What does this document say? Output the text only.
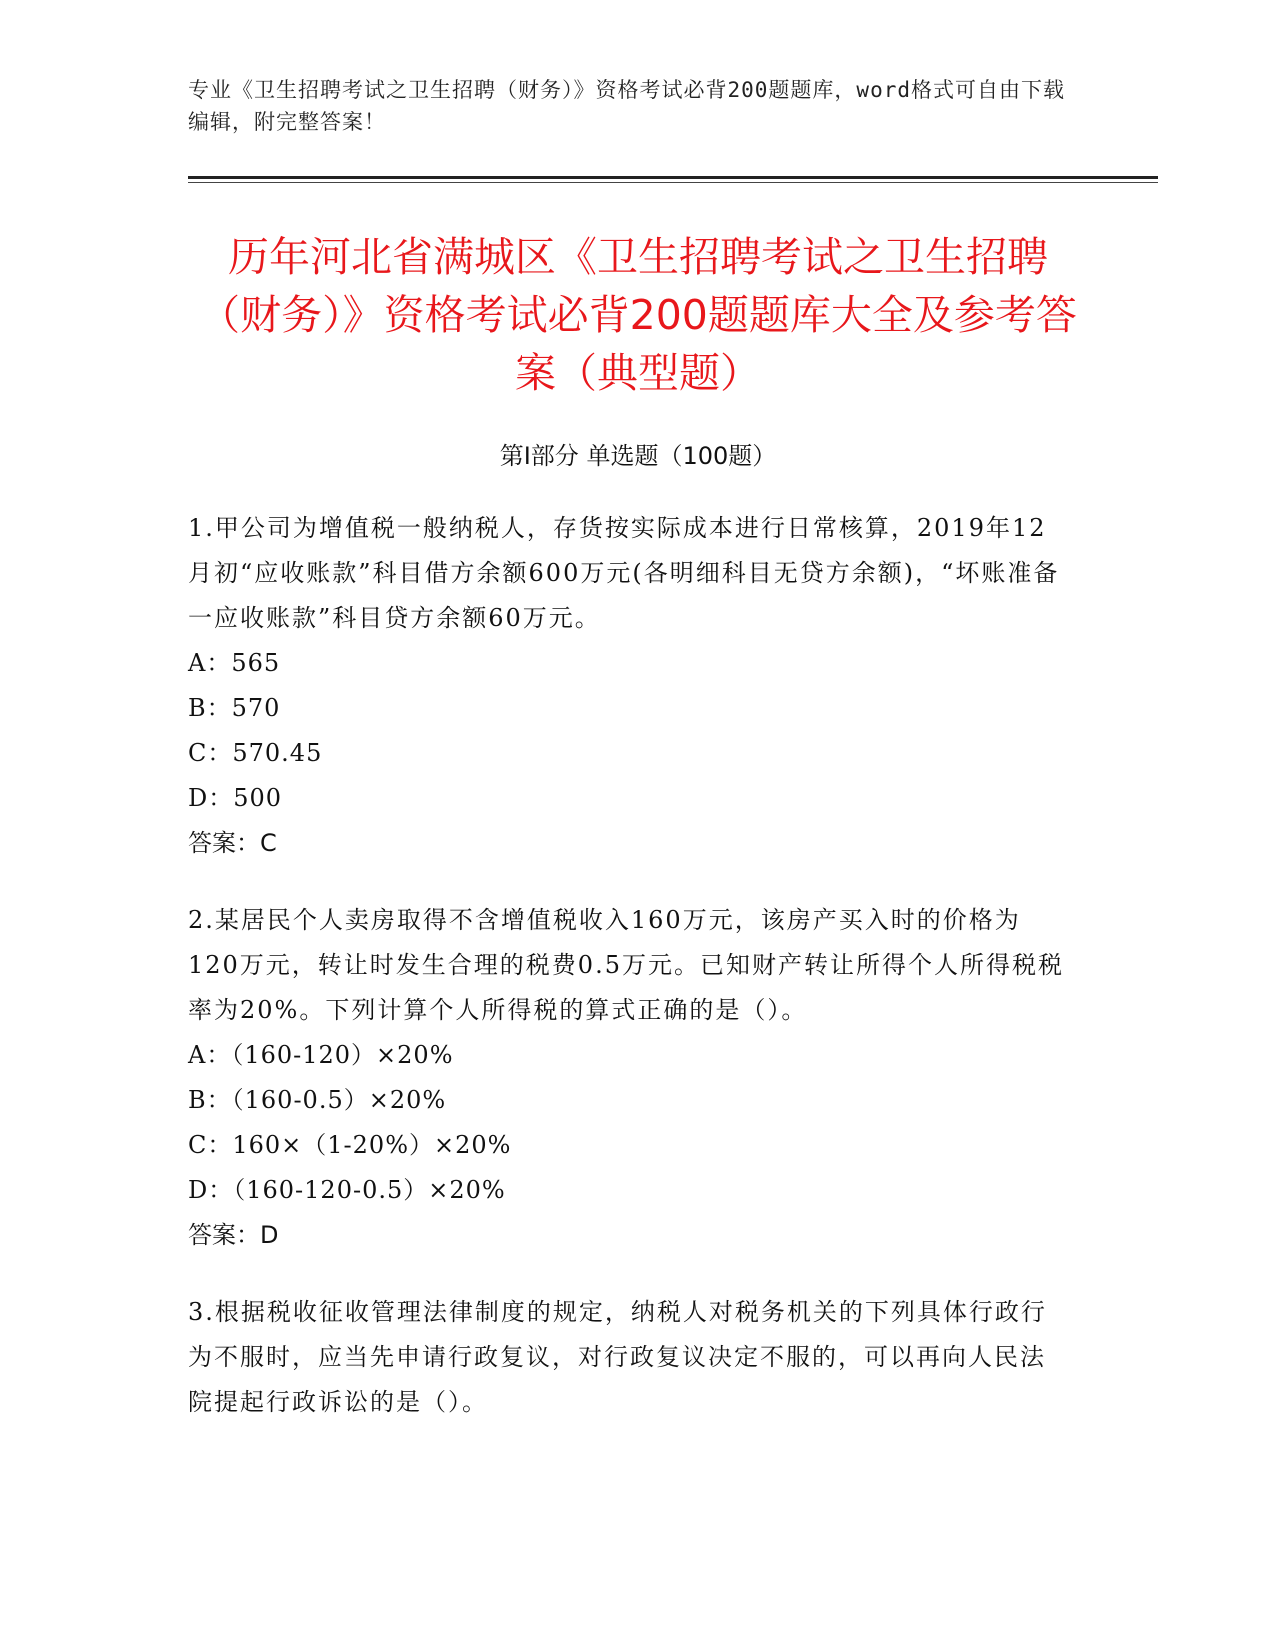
专业《卫生招聘考试之卫生招聘（财务）》资格考试必背200题题库，word格式可自由下载编辑，附完整答案！
历年河北省满城区《卫生招聘考试之卫生招聘（财务）》资格考试必背200题题库大全及参考答案（典型题）
第I部分 单选题（100题）

1.甲公司为增值税一般纳税人，存货按实际成本进行日常核算，2019年12月初“应收账款”科目借方余额600万元(各明细科目无贷方余额)，“坏账准备一应收账款”科目贷方余额60万元。

A：565

B：570

C：570.45

D：500

答案：C

2.某居民个人卖房取得不含增值税收入160万元，该房产买入时的价格为120万元，转让时发生合理的税费0.5万元。已知财产转让所得个人所得税税率为20%。下列计算个人所得税的算式正确的是（）。

A：（160-120）×20%

B：（160-0.5）×20%

C：160×（1-20%）×20%

D：（160-120-0.5）×20%

答案：D

3.根据税收征收管理法律制度的规定，纳税人对税务机关的下列具体行政行为不服时，应当先申请行政复议，对行政复议决定不服的，可以再向人民法院提起行政诉讼的是（）。
